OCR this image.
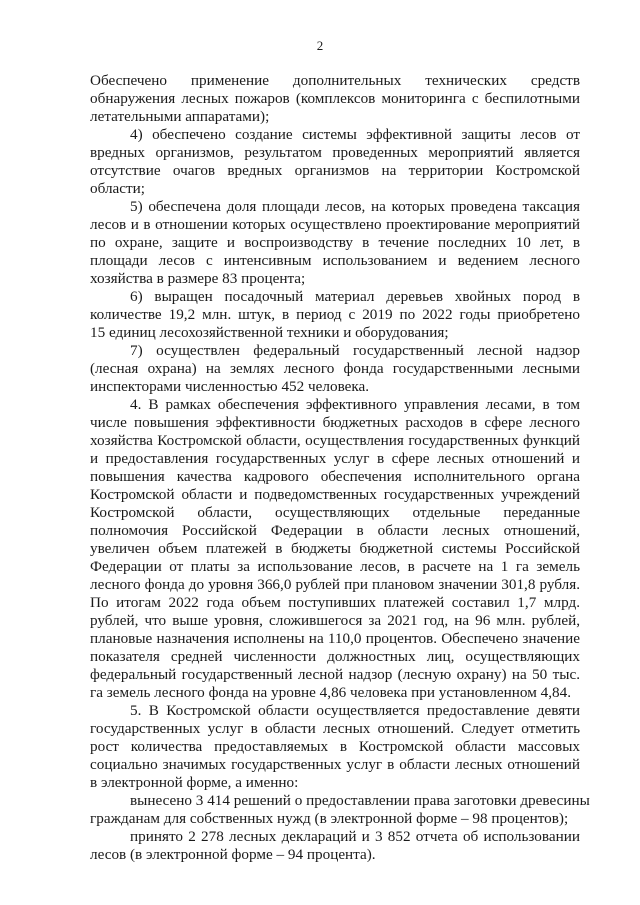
2
Обеспечено применение дополнительных технических средств
обнаружения лесных пожаров (комплексов мониторинга с беспилотными
летательными аппаратами);
4) обеспечено создание системы эффективной защиты лесов от
вредных организмов, результатом проведенных мероприятий является
отсутствие очагов вредных организмов на территории Костромской
области;
5) обеспечена доля площади лесов, на которых проведена таксация
лесов и в отношении которых осуществлено проектирование мероприятий
по охране, защите и воспроизводству в течение последних 10 лет, в
площади лесов с интенсивным использованием и ведением лесного
хозяйства в размере 83 процента;
6) выращен посадочный материал деревьев хвойных пород в
количестве 19,2 млн. штук, в период с 2019 по 2022 годы приобретено
15 единиц лесохозяйственной техники и оборудования;
7) осуществлен федеральный государственный лесной надзор
(лесная охрана) на землях лесного фонда государственными лесными
инспекторами численностью 452 человека.
4. В рамках обеспечения эффективного управления лесами, в том
числе повышения эффективности бюджетных расходов в сфере лесного
хозяйства Костромской области, осуществления государственных функций
и предоставления государственных услуг в сфере лесных отношений и
повышения качества кадрового обеспечения исполнительного органа
Костромской области и подведомственных государственных учреждений
Костромской области, осуществляющих отдельные переданные
полномочия Российской Федерации в области лесных отношений,
увеличен объем платежей в бюджеты бюджетной системы Российской
Федерации от платы за использование лесов, в расчете на 1 га земель
лесного фонда до уровня 366,0 рублей при плановом значении 301,8 рубля.
По итогам 2022 года объем поступивших платежей составил 1,7 млрд.
рублей, что выше уровня, сложившегося за 2021 год, на 96 млн. рублей,
плановые назначения исполнены на 110,0 процентов. Обеспечено значение
показателя средней численности должностных лиц, осуществляющих
федеральный государственный лесной надзор (лесную охрану) на 50 тыс.
га земель лесного фонда на уровне 4,86 человека при установленном 4,84.
5. В Костромской области осуществляется предоставление девяти
государственных услуг в области лесных отношений. Следует отметить
рост количества предоставляемых в Костромской области массовых
социально значимых государственных услуг в области лесных отношений
в электронной форме, а именно:
вынесено 3 414 решений о предоставлении права заготовки древесины
гражданам для собственных нужд (в электронной форме – 98 процентов);
принято 2 278 лесных деклараций и 3 852 отчета об использовании
лесов (в электронной форме – 94 процента).
